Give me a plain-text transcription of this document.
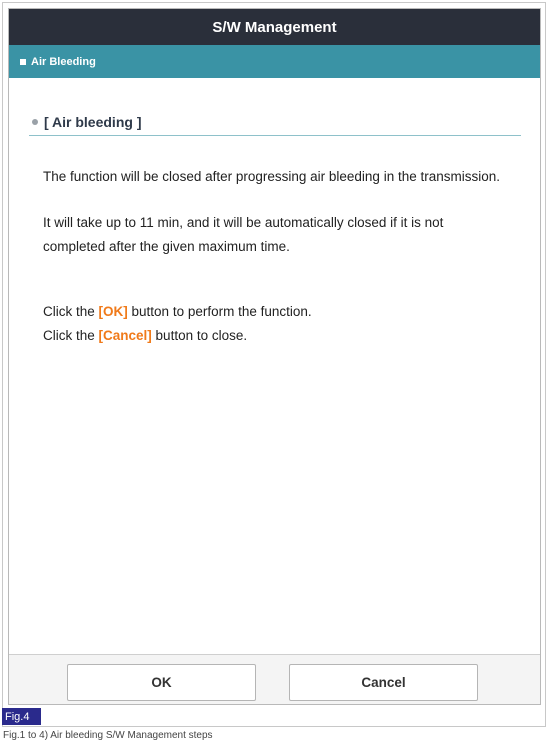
S/W Management
Air Bleeding
[ Air bleeding ]
The function will be closed after progressing air bleeding in the transmission.
It will take up to 11 min, and it will be automatically closed if it is not
completed after the given maximum time.
Click the [OK] button to perform the function.
Click the [Cancel] button to close.
OK	Cancel
Fig.4
Fig.1 to 4) Air bleeding S/W Management steps
